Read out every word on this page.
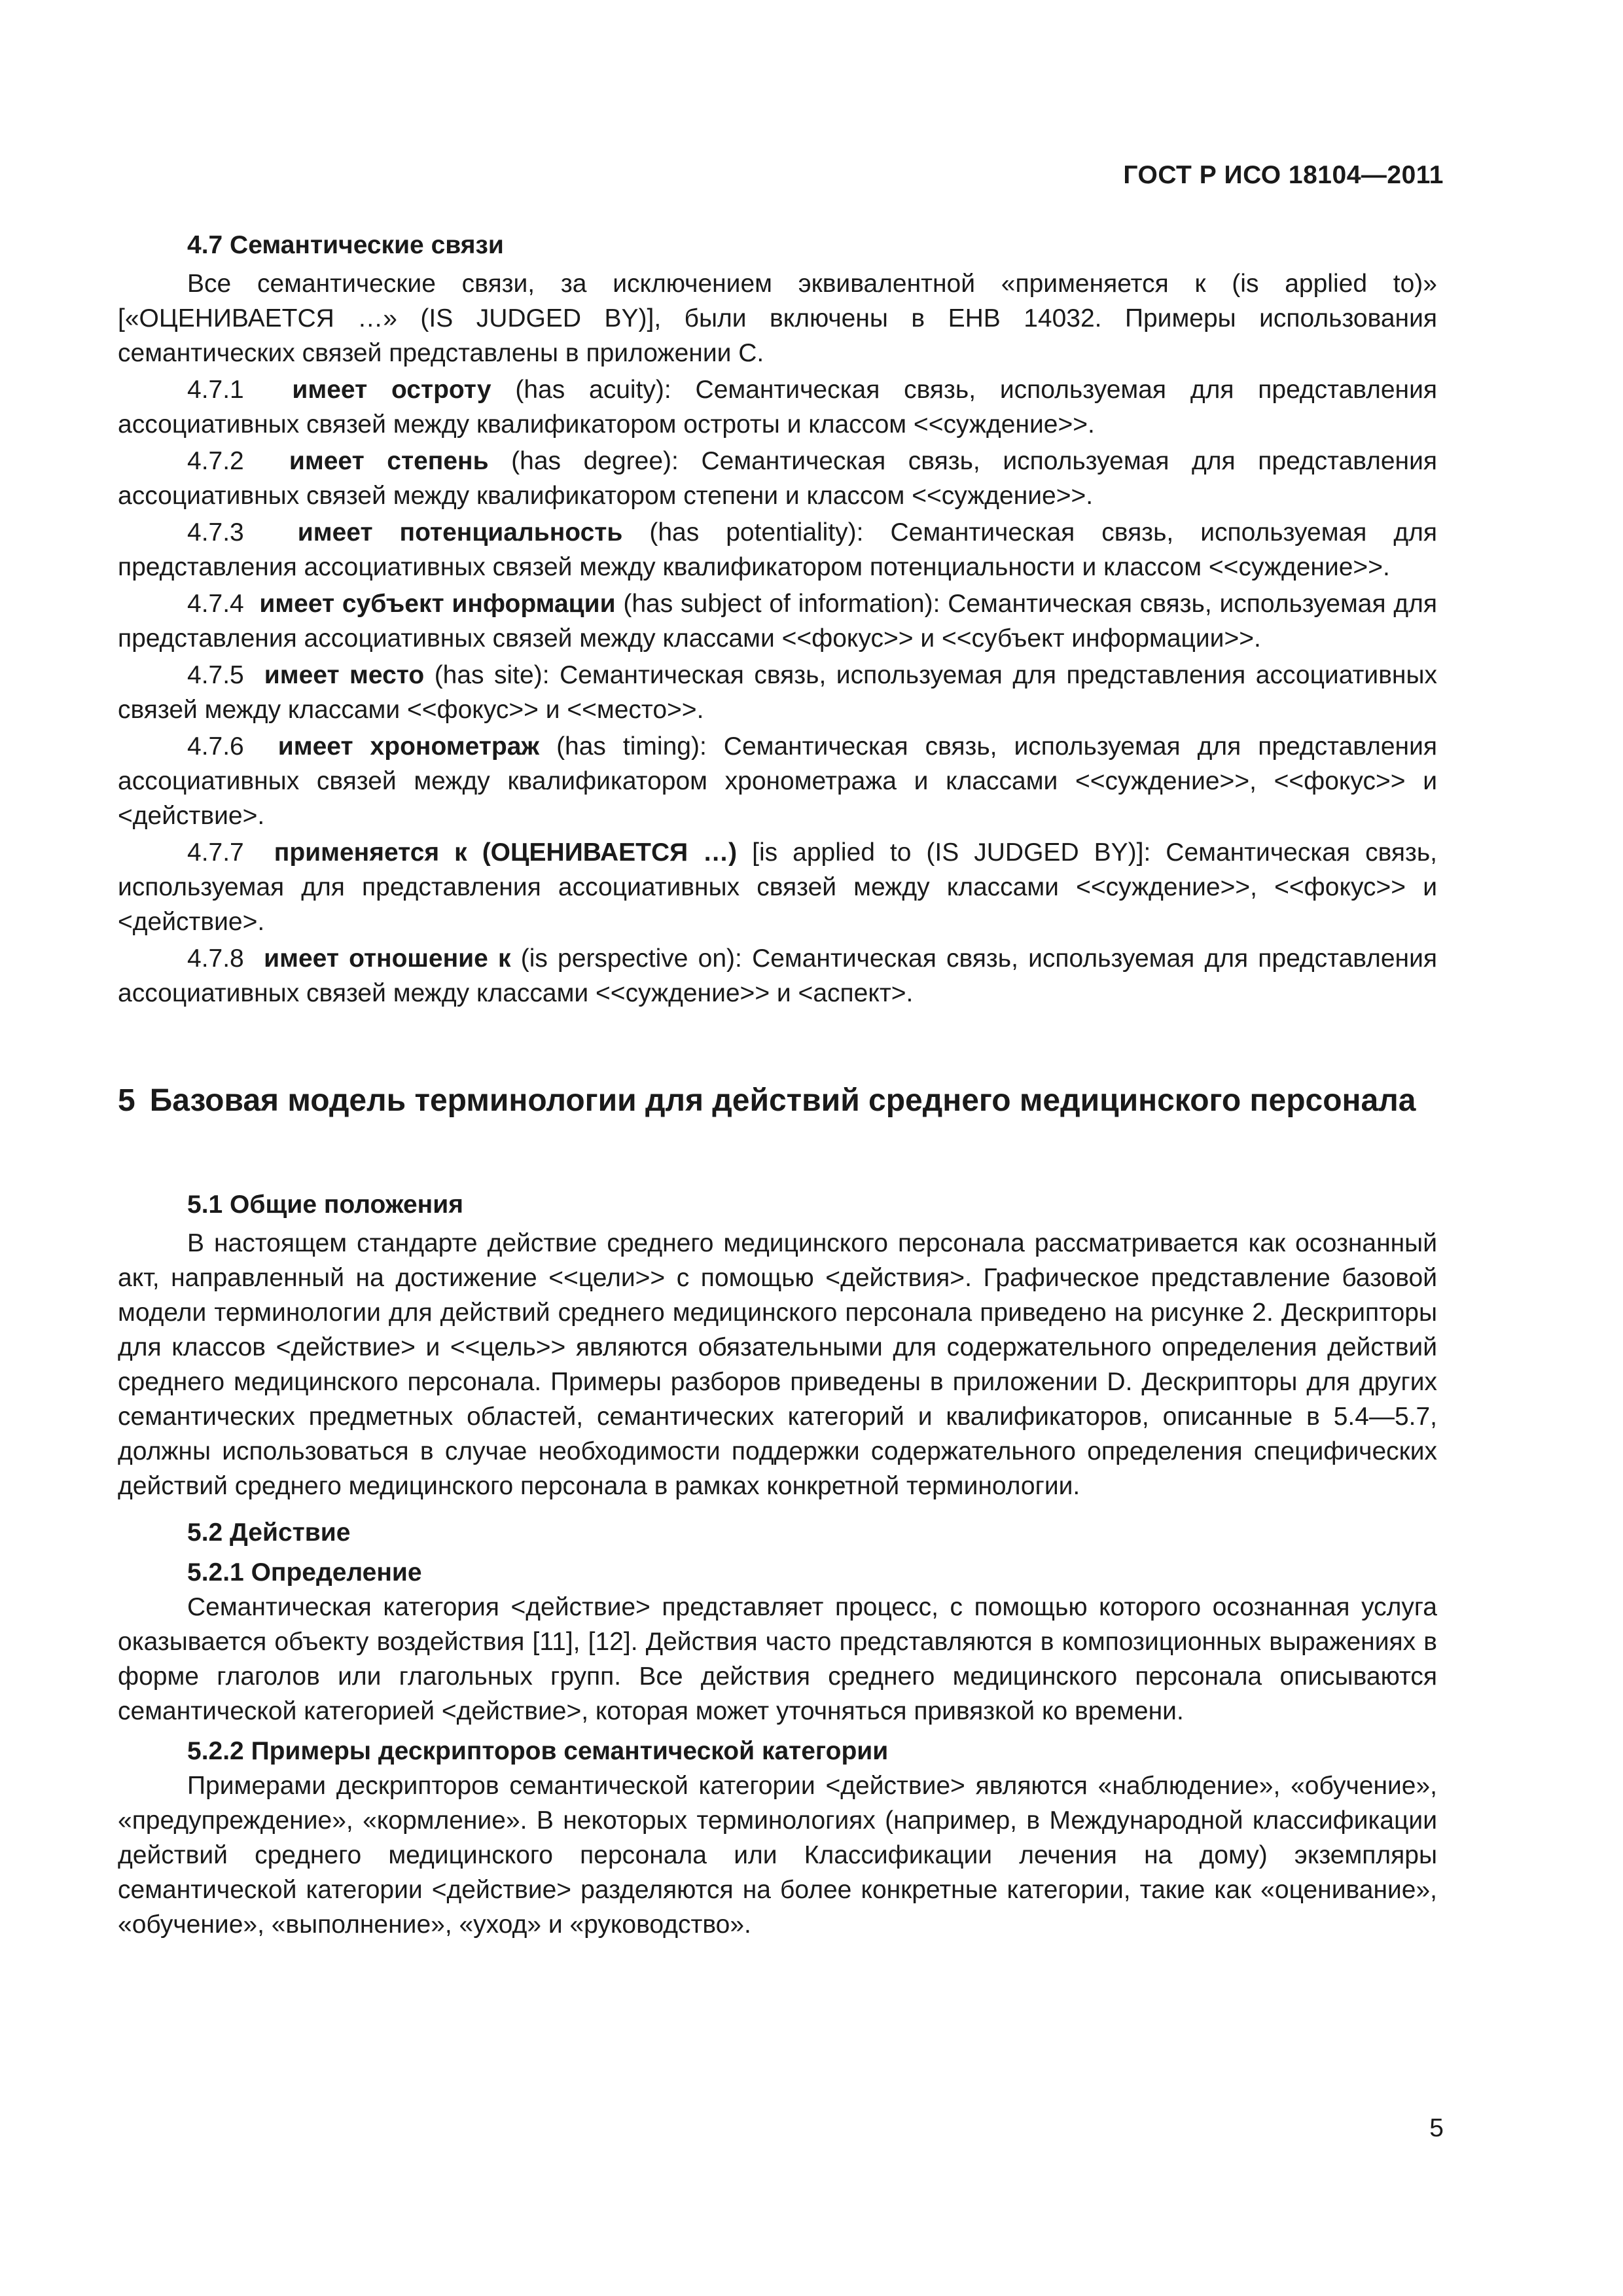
ГОСТ Р ИСО 18104—2011
4.7 Семантические связи

Все семантические связи, за исключением эквивалентной «применяется к (is applied to)» [«ОЦЕНИВАЕТСЯ …» (IS JUDGED BY)], были включены в ЕНВ 14032. Примеры использования семантических связей представлены в приложении С.

4.7.1 имеет остроту (has acuity): Семантическая связь, используемая для представления ассоциативных связей между квалификатором остроты и классом <<суждение>>.

4.7.2 имеет степень (has degree): Семантическая связь, используемая для представления ассоциативных связей между квалификатором степени и классом <<суждение>>.

4.7.3 имеет потенциальность (has potentiality): Семантическая связь, используемая для представления ассоциативных связей между квалификатором потенциальности и классом <<суждение>>.

4.7.4 имеет субъект информации (has subject of information): Семантическая связь, используемая для представления ассоциативных связей между классами <<фокус>> и <<субъект информации>>.

4.7.5 имеет место (has site): Семантическая связь, используемая для представления ассоциативных связей между классами <<фокус>> и <<место>>.

4.7.6 имеет хронометраж (has timing): Семантическая связь, используемая для представления ассоциативных связей между квалификатором хронометража и классами <<суждение>>, <<фокус>> и <действие>.

4.7.7 применяется к (ОЦЕНИВАЕТСЯ …) [is applied to (IS JUDGED BY)]: Семантическая связь, используемая для представления ассоциативных связей между классами <<суждение>>, <<фокус>> и <действие>.

4.7.8 имеет отношение к (is perspective on): Семантическая связь, используемая для представления ассоциативных связей между классами <<суждение>> и <аспект>.

5 Базовая модель терминологии для действий среднего медицинского персонала
5.1 Общие положения

В настоящем стандарте действие среднего медицинского персонала рассматривается как осознанный акт, направленный на достижение <<цели>> с помощью <действия>. Графическое представление базовой модели терминологии для действий среднего медицинского персонала приведено на рисунке 2. Дескрипторы для классов <действие> и <<цель>> являются обязательными для содержательного определения действий среднего медицинского персонала. Примеры разборов приведены в приложении D. Дескрипторы для других семантических предметных областей, семантических категорий и квалификаторов, описанные в 5.4—5.7, должны использоваться в случае необходимости поддержки содержательного определения специфических действий среднего медицинского персонала в рамках конкретной терминологии.

5.2 Действие
5.2.1 Определение

Семантическая категория <действие> представляет процесс, с помощью которого осознанная услуга оказывается объекту воздействия [11], [12]. Действия часто представляются в композиционных выражениях в форме глаголов или глагольных групп. Все действия среднего медицинского персонала описываются семантической категорией <действие>, которая может уточняться привязкой ко времени.

5.2.2 Примеры дескрипторов семантической категории

Примерами дескрипторов семантической категории <действие> являются «наблюдение», «обучение», «предупреждение», «кормление». В некоторых терминологиях (например, в Международной классификации действий среднего медицинского персонала или Классификации лечения на дому) экземпляры семантической категории <действие> разделяются на более конкретные категории, такие как «оценивание», «обучение», «выполнение», «уход» и «руководство».

5
